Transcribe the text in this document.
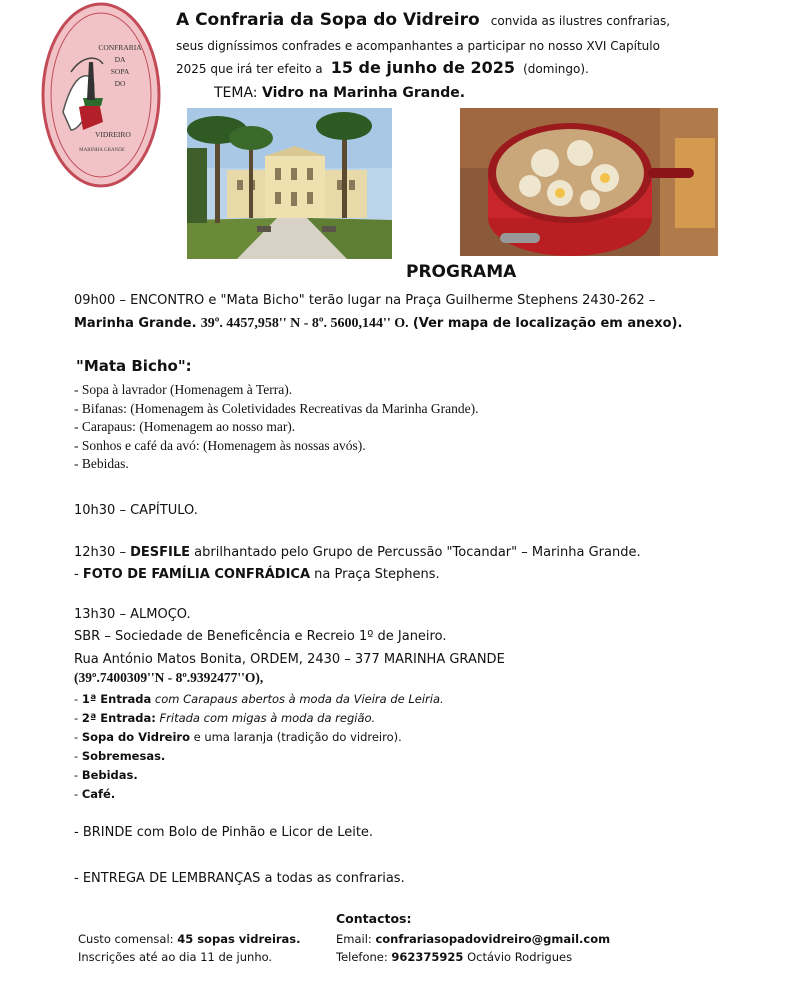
CONFRARIA
DA
SOPA
DO
VIDREIRO
MARINHA GRANDE
A Confraria da Sopa do Vidreiro convida as ilustres confrarias,
seus digníssimos confrades e acompanhantes a participar no nosso XVI Capítulo
2025 que irá ter efeito a 15 de junho de 2025 (domingo).
TEMA: Vidro na Marinha Grande.
PROGRAMA
09h00 – ENCONTRO e "Mata Bicho" terão lugar na Praça Guilherme Stephens 2430-262 –
Marinha Grande. 39º. 4457,958'' N - 8º. 5600,144'' O. (Ver mapa de localização em anexo).
"Mata Bicho":
- Sopa à lavrador (Homenagem à Terra).
- Bifanas: (Homenagem às Coletividades Recreativas da Marinha Grande).
- Carapaus: (Homenagem ao nosso mar).
- Sonhos e café da avó: (Homenagem às nossas avós).
- Bebidas.
10h30 – CAPÍTULO.
12h30 – DESFILE abrilhantado pelo Grupo de Percussão "Tocandar" – Marinha Grande.
- FOTO DE FAMÍLIA CONFRÁDICA na Praça Stephens.
13h30 – ALMOÇO.
SBR – Sociedade de Beneficência e Recreio 1º de Janeiro.
Rua António Matos Bonita, ORDEM, 2430 – 377 MARINHA GRANDE
(39º.7400309''N - 8º.9392477''O),
- 1ª Entrada com Carapaus abertos à moda da Vieira de Leiria.
- 2ª Entrada: Fritada com migas à moda da região.
- Sopa do Vidreiro e uma laranja (tradição do vidreiro).
- Sobremesas.
- Bebidas.
- Café.
- BRINDE com Bolo de Pinhão e Licor de Leite.
- ENTREGA DE LEMBRANÇAS a todas as confrarias.
Custo comensal: 45 sopas vidreiras.
Inscrições até ao dia 11 de junho.
Contactos:
Email: confrariasopadovidreiro@gmail.com
Telefone: 962375925 Octávio Rodrigues
